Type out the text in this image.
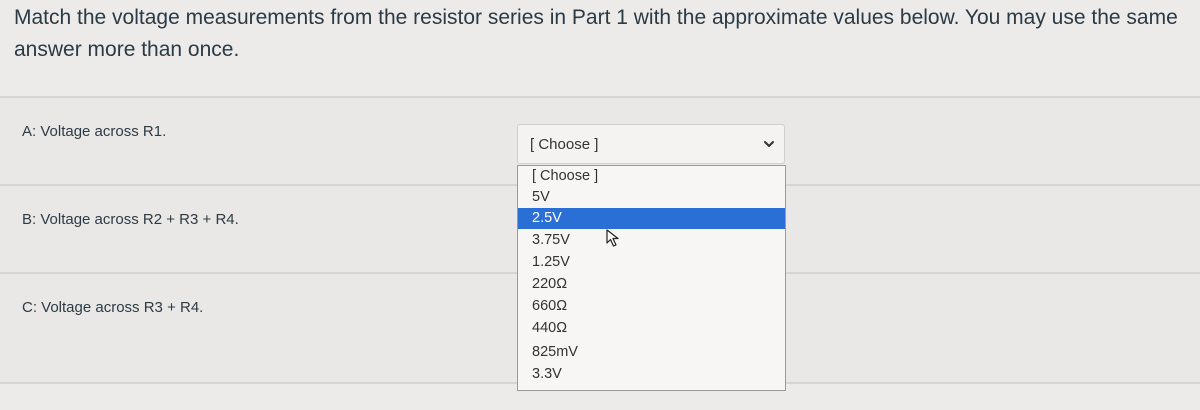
Match the voltage measurements from the resistor series in Part 1 with the approximate values below. You may use the same answer more than once.
A: Voltage across R1.
B: Voltage across R2 + R3 + R4.
C: Voltage across R3 + R4.
[ Choose ]
[ Choose ]
5V
2.5V
3.75V
1.25V
220Ω
660Ω
440Ω
825mV
3.3V
